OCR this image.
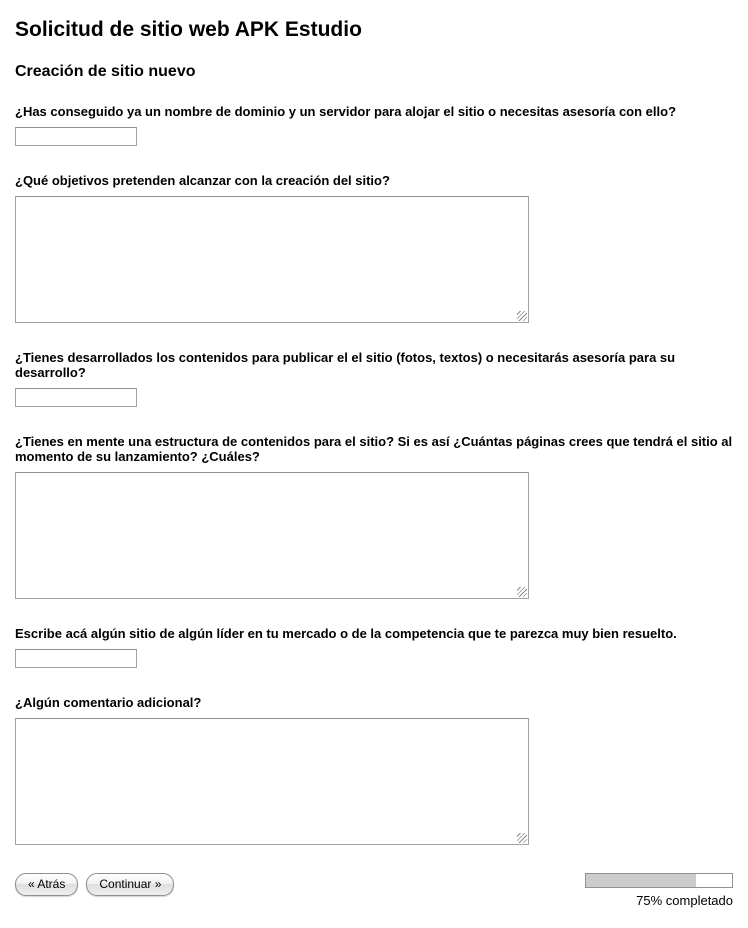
Solicitud de sitio web APK Estudio
Creación de sitio nuevo
¿Has conseguido ya un nombre de dominio y un servidor para alojar el sitio o necesitas asesoría con ello?
¿Qué objetivos pretenden alcanzar con la creación del sitio?
¿Tienes desarrollados los contenidos para publicar el el sitio (fotos, textos) o necesitarás asesoría para su desarrollo?
¿Tienes en mente una estructura de contenidos para el sitio? Si es así ¿Cuántas páginas crees que tendrá el sitio al momento de su lanzamiento? ¿Cuáles?
Escribe acá algún sitio de algún líder en tu mercado o de la competencia que te parezca muy bien resuelto.
¿Algún comentario adicional?
« Atrás	Continuar »
75% completado
